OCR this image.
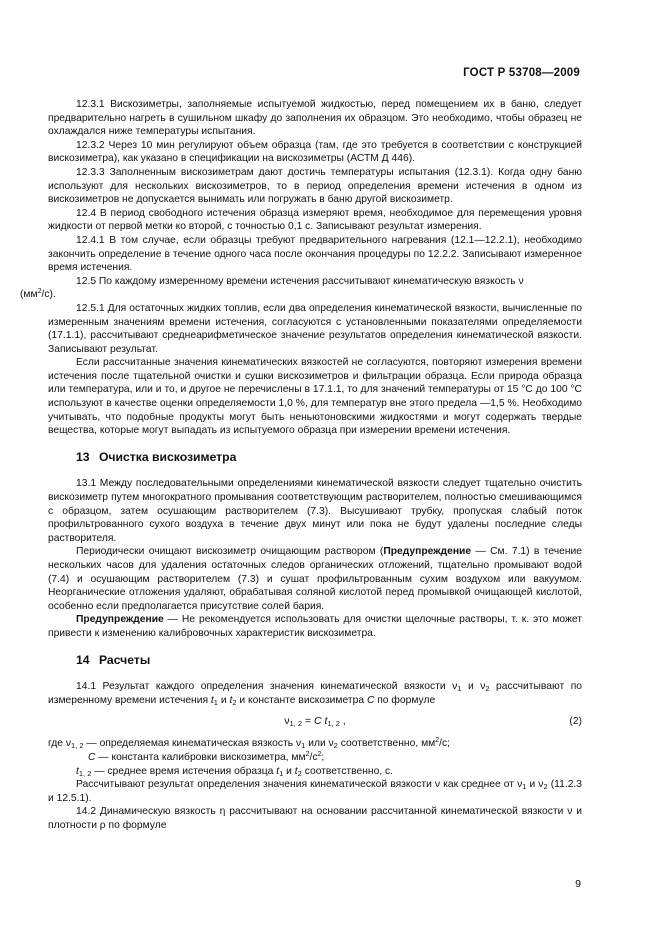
ГОСТ Р 53708—2009

12.3.1 Вискозиметры, заполняемые испытуемой жидкостью, перед помещением их в баню, следует предварительно нагреть в сушильном шкафу до заполнения их образцом. Это необходимо, чтобы образец не охлаждался ниже температуры испытания.

12.3.2 Через 10 мин регулируют объем образца (там, где это требуется в соответствии с конструкцией вискозиметра), как указано в спецификации на вискозиметры (АСТМ Д 446).

12.3.3 Заполненным вискозиметрам дают достичь температуры испытания (12.3.1). Когда одну баню используют для нескольких вискозиметров, то в период определения времени истечения в одном из вискозиметров не допускается вынимать или погружать в баню другой вискозиметр.

12.4 В период свободного истечения образца измеряют время, необходимое для перемещения уровня жидкости от первой метки ко второй, с точностью 0,1 с. Записывают результат измерения.

12.4.1 В том случае, если образцы требуют предварительного нагревания (12.1—12.2.1), необходимо закончить определение в течение одного часа после окончания процедуры по 12.2.2. Записывают измеренное время истечения.

12.5 По каждому измеренному времени истечения рассчитывают кинематическую вязкость ν
$(мм^2/с)$.

12.5.1 Для остаточных жидких топлив, если два определения кинематической вязкости, вычисленные по измеренным значениям времени истечения, согласуются с установленными показателями определяемости (17.1.1), рассчитывают среднеарифметическое значение результатов определения кинематической вязкости. Записывают результат.

Если рассчитанные значения кинематических вязкостей не согласуются, повторяют измерения времени истечения после тщательной очистки и сушки вискозиметров и фильтрации образца. Если природа образца или температура, или и то, и другое не перечислены в 17.1.1, то для значений температуры от 15 °С до 100 °С используют в качестве оценки определяемости 1,0 %, для температур вне этого предела —1,5 %. Необходимо учитывать, что подобные продукты могут быть неньютоновскими жидкостями и могут содержать твердые вещества, которые могут выпадать из испытуемого образца при измерении времени истечения.

13 Очистка вискозиметра

13.1 Между последовательными определениями кинематической вязкости следует тщательно очистить вискозиметр путем многократного промывания соответствующим растворителем, полностью смешивающимся с образцом, затем осушающим растворителем (7.3). Высушивают трубку, пропуская слабый поток профильтрованного сухого воздуха в течение двух минут или пока не будут удалены последние следы растворителя.

Периодически очищают вискозиметр очищающим раствором (Предупреждение — См. 7.1) в течение нескольких часов для удаления остаточных следов органических отложений, тщательно промывают водой (7.4) и осушающим растворителем (7.3) и сушат профильтрованным сухим воздухом или вакуумом. Неорганические отложения удаляют, обрабатывая соляной кислотой перед промывкой очищающей кислотой, особенно если предполагается присутствие солей бария.

Предупреждение — Не рекомендуется использовать для очистки щелочные растворы, т. к. это может привести к изменению калибровочных характеристик вискозиметра.

14 Расчеты

14.1 Результат каждого определения значения кинематической вязкости $\nu_1$ и $\nu_2$ рассчитывают по измеренному времени истечения $t_1$ и $t_2$ и константе вискозиметра C по формуле

$\nu_{1, 2} = C$ $t_{1, 2}$ ,	(2)

где $\nu_{1, 2}$ — определяемая кинематическая вязкость $\nu_1$ или $\nu_2$ соответственно, $мм^2/с$;

C — константа калибровки вискозиметра, $мм^2/с^2$;

$t_{1, 2}$ — среднее время истечения образца $t_1$ и $t_2$ соответственно, с.

Рассчитывают результат определения значения кинематической вязкости ν как среднее от $\nu_1$ и $\nu_2$ (11.2.3 и 12.5.1).

14.2 Динамическую вязкость η рассчитывают на основании рассчитанной кинематической вязкости ν и плотности ρ по формуле

9
